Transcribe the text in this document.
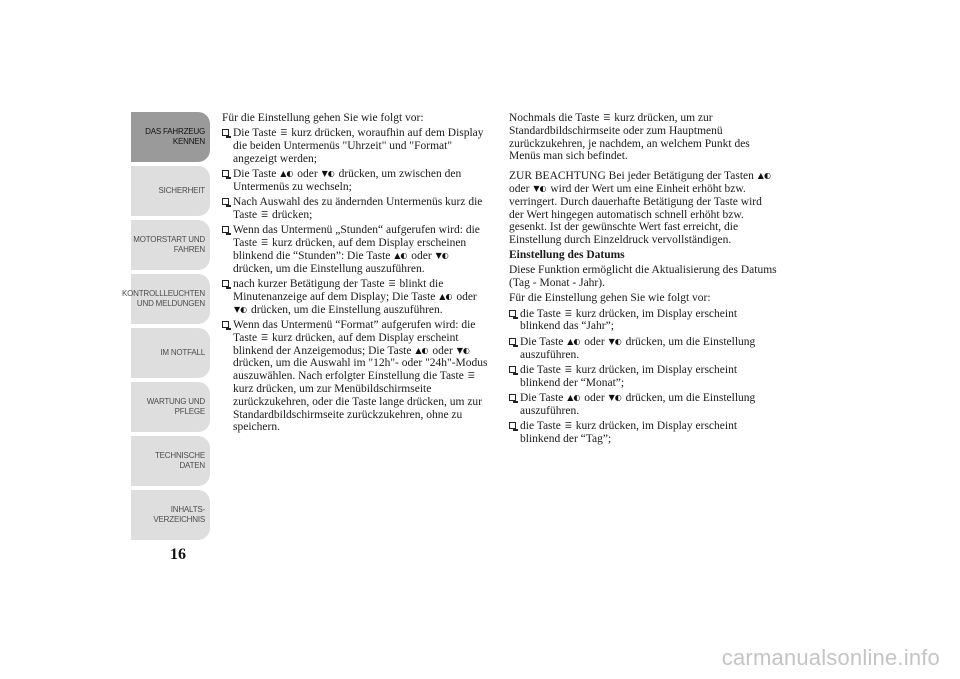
DAS FAHRZEUG
KENNEN
SICHERHEIT
MOTORSTART UND
FAHREN
KONTROLLLEUCHTEN
UND MELDUNGEN
IM NOTFALL
WARTUNG UND
PFLEGE
TECHNISCHE
DATEN
INHALTS-
VERZEICHNIS
16

Für die Einstellung gehen Sie wie folgt vor:

Die Taste ☰ kurz drücken, woraufhin auf dem Display die beiden Untermenüs "Uhrzeit" und "Format" angezeigt werden;
Die Taste ▲◐ oder ▼◐ drücken, um zwischen den Untermenüs zu wechseln;
Nach Auswahl des zu ändernden Untermenüs kurz die Taste ☰ drücken;
Wenn das Untermenü „Stunden“ aufgerufen wird: die Taste ☰ kurz drücken, auf dem Display erscheinen blinkend die “Stunden”: Die Taste ▲◐ oder ▼◐ drücken, um die Einstellung auszuführen.
nach kurzer Betätigung der Taste ☰ blinkt die Minutenanzeige auf dem Display; Die Taste ▲◐ oder ▼◐ drücken, um die Einstellung auszuführen.
Wenn das Untermenü “Format” aufgerufen wird: die Taste ☰ kurz drücken, auf dem Display erscheint blinkend der Anzeigemodus; Die Taste ▲◐ oder ▼◐ drücken, um die Auswahl im "12h"- oder "24h"-Modus auszuwählen. Nach erfolgter Einstellung die Taste ☰ kurz drücken, um zur Menübildschirmseite zurückzukehren, oder die Taste lange drücken, um zur Standardbildschirmseite zurückzukehren, ohne zu speichern.

Nochmals die Taste ☰ kurz drücken, um zur Standardbildschirmseite oder zum Hauptmenü zurückzukehren, je nachdem, an welchem Punkt des Menüs man sich befindet.

ZUR BEACHTUNG Bei jeder Betätigung der Tasten ▲◐ oder ▼◐ wird der Wert um eine Einheit erhöht bzw. verringert. Durch dauerhafte Betätigung der Taste wird der Wert hingegen automatisch schnell erhöht bzw. gesenkt. Ist der gewünschte Wert fast erreicht, die Einstellung durch Einzeldruck vervollständigen.

Einstellung des Datums

Diese Funktion ermöglicht die Aktualisierung des Datums (Tag - Monat - Jahr).

Für die Einstellung gehen Sie wie folgt vor:

die Taste ☰ kurz drücken, im Display erscheint blinkend das “Jahr”;
Die Taste ▲◐ oder ▼◐ drücken, um die Einstellung auszuführen.
die Taste ☰ kurz drücken, im Display erscheint blinkend der “Monat”;
Die Taste ▲◐ oder ▼◐ drücken, um die Einstellung auszuführen.
die Taste ☰ kurz drücken, im Display erscheint blinkend der “Tag”;
carmanualsonline.info
